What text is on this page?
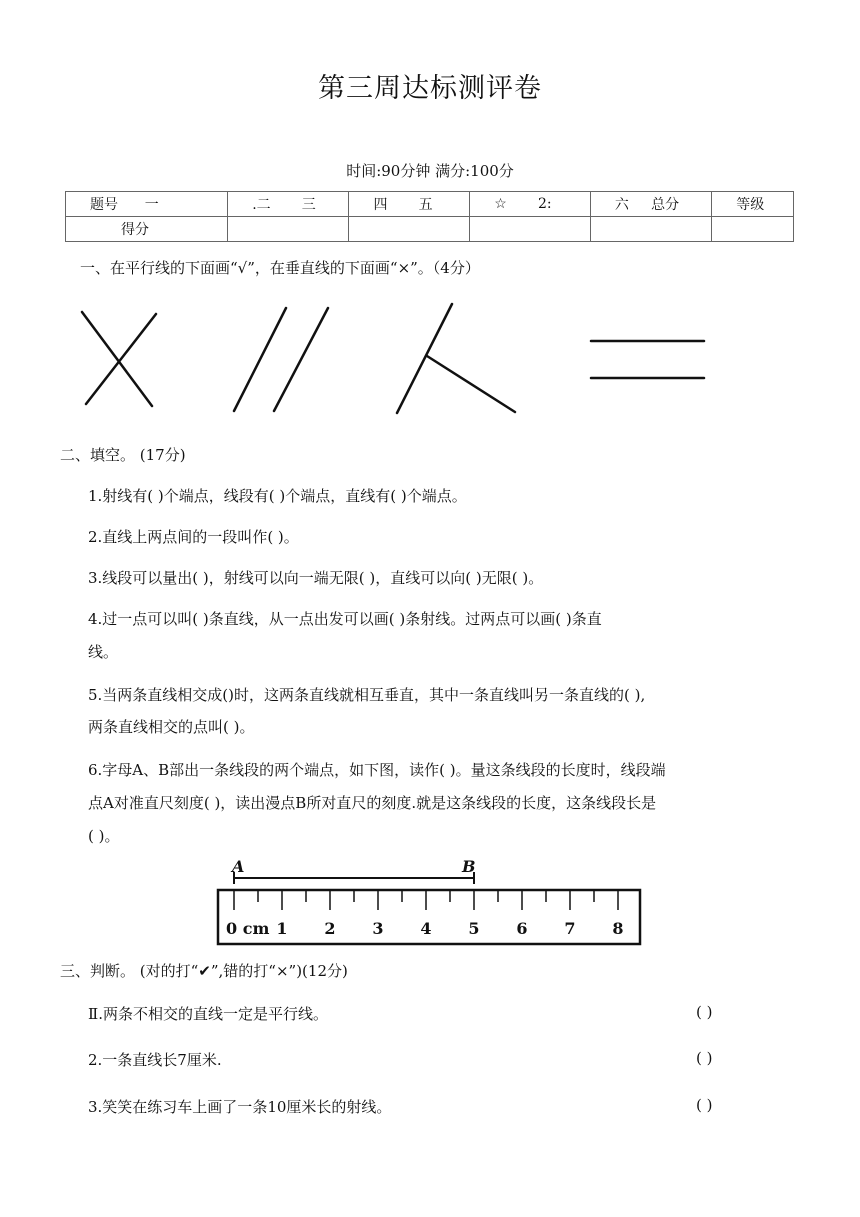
第三周达标测评卷
时间:90分钟 满分:100分
题号      一	.二       三	四       五	☆       2:	六     总分	等级
得分					
一、在平行线的下面画“√”，在垂直线的下面画“×”。（4分）
二、填空。 (17分)
1.射线有( )个端点，线段有( )个端点，直线有( )个端点。
2.直线上两点间的一段叫作( )。
3.线段可以量出( )，射线可以向一端无限( )，直线可以向( )无限( )。
4.过一点可以叫( )条直线，从一点出发可以画( )条射线。过两点可以画( )条直
线。
5.当两条直线相交成()时，这两条直线就相互垂直，其中一条直线叫另一条直线的( ),
两条直线相交的点叫( )。
6.字母A、B部出一条线段的两个端点，如下图，读作( )。量这条线段的长度时，线段端
点A对准直尺刻度( )，读出漫点B所对直尺的刻度.就是这条线段的长度，这条线段长是
( )。
A	B
0 cm 1 2 3 4 5 6 7 8
三、判断。 (对的打“✔”,错的打“×”)(12分)
Ⅱ.两条不相交的直线一定是平行线。	( )
2.一条直线长7厘米.	( )
3.笑笑在练习车上画了一条10厘米长的射线。	( )
